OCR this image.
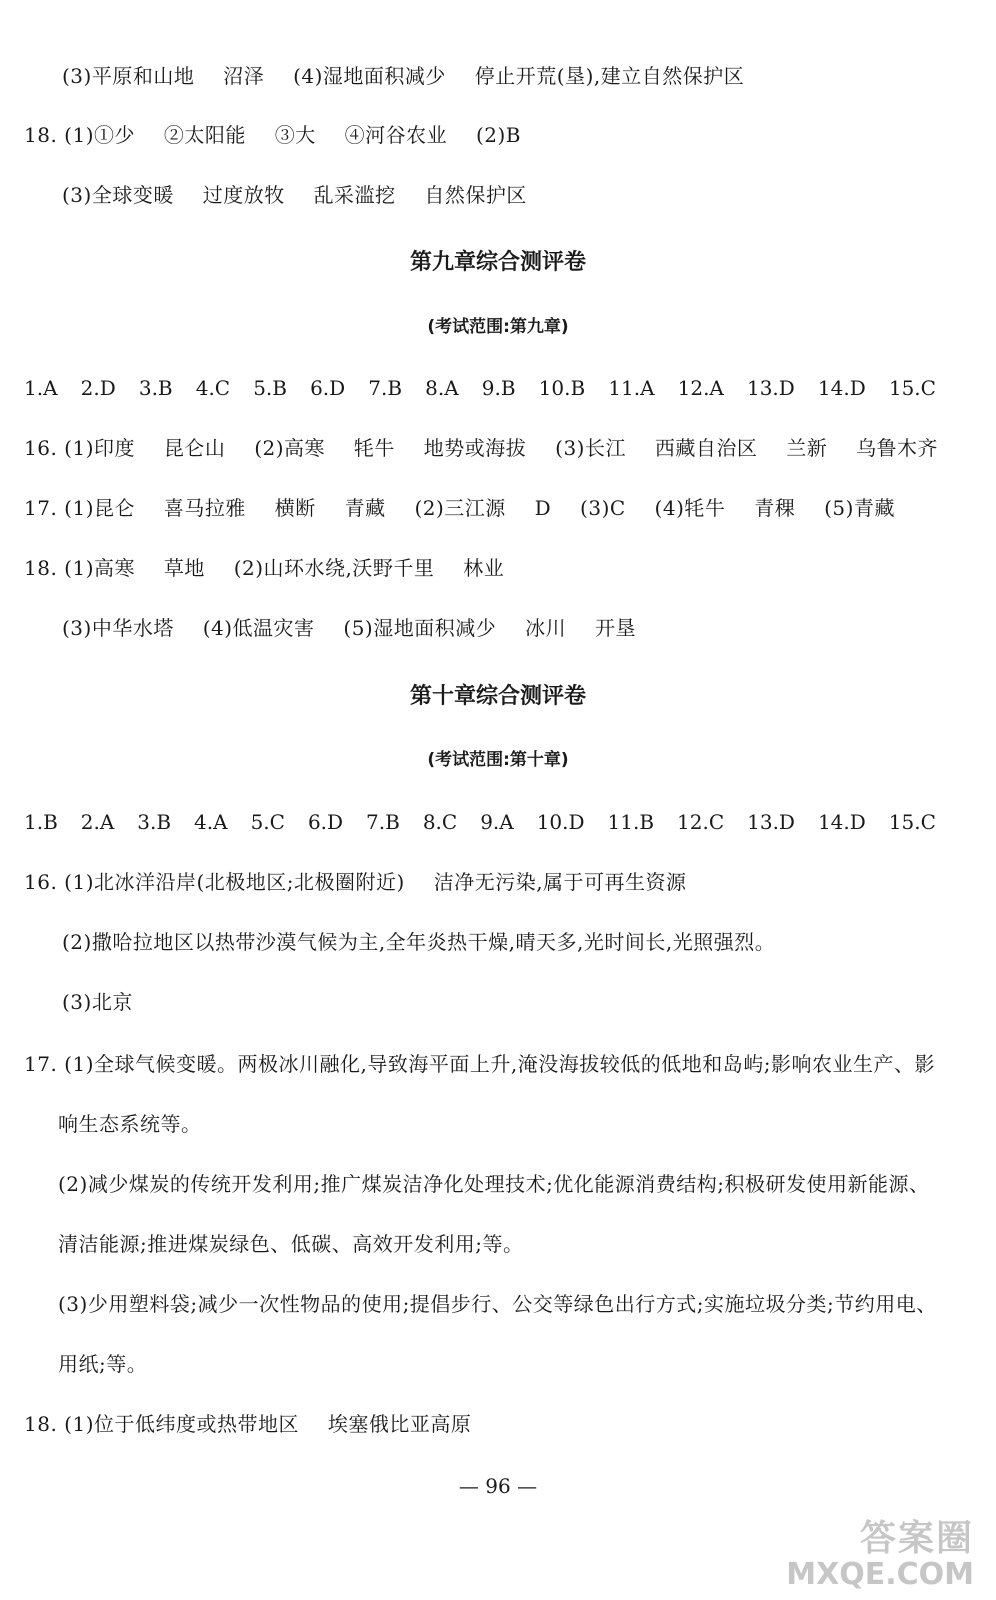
(3)平原和山地 沼泽 (4)湿地面积减少 停止开荒(垦),建立自然保护区
18. (1)①少 ②太阳能 ③大 ④河谷农业 (2)B
(3)全球变暖 过度放牧 乱采滥挖 自然保护区
第九章综合测评卷
(考试范围:第九章)
1.A 2.D 3.B 4.C 5.B 6.D 7.B 8.A 9.B 10.B 11.A 12.A 13.D 14.D 15.C
16. (1)印度 昆仑山 (2)高寒 牦牛 地势或海拔 (3)长江 西藏自治区 兰新 乌鲁木齐
17. (1)昆仑 喜马拉雅 横断 青藏 (2)三江源 D (3)C (4)牦牛 青稞 (5)青藏
18. (1)高寒 草地 (2)山环水绕,沃野千里 林业
(3)中华水塔 (4)低温灾害 (5)湿地面积减少 冰川 开垦
第十章综合测评卷
(考试范围:第十章)
1.B 2.A 3.B 4.A 5.C 6.D 7.B 8.C 9.A 10.D 11.B 12.C 13.D 14.D 15.C
16. (1)北冰洋沿岸(北极地区;北极圈附近) 洁净无污染,属于可再生资源
(2)撒哈拉地区以热带沙漠气候为主,全年炎热干燥,晴天多,光时间长,光照强烈。
(3)北京
17. (1)全球气候变暖。两极冰川融化,导致海平面上升,淹没海拔较低的低地和岛屿;影响农业生产、影
响生态系统等。
(2)减少煤炭的传统开发利用;推广煤炭洁净化处理技术;优化能源消费结构;积极研发使用新能源、
清洁能源;推进煤炭绿色、低碳、高效开发利用;等。
(3)少用塑料袋;减少一次性物品的使用;提倡步行、公交等绿色出行方式;实施垃圾分类;节约用电、
用纸;等。
18. (1)位于低纬度或热带地区 埃塞俄比亚高原
— 96 —
答案圈
MXQE.COM
